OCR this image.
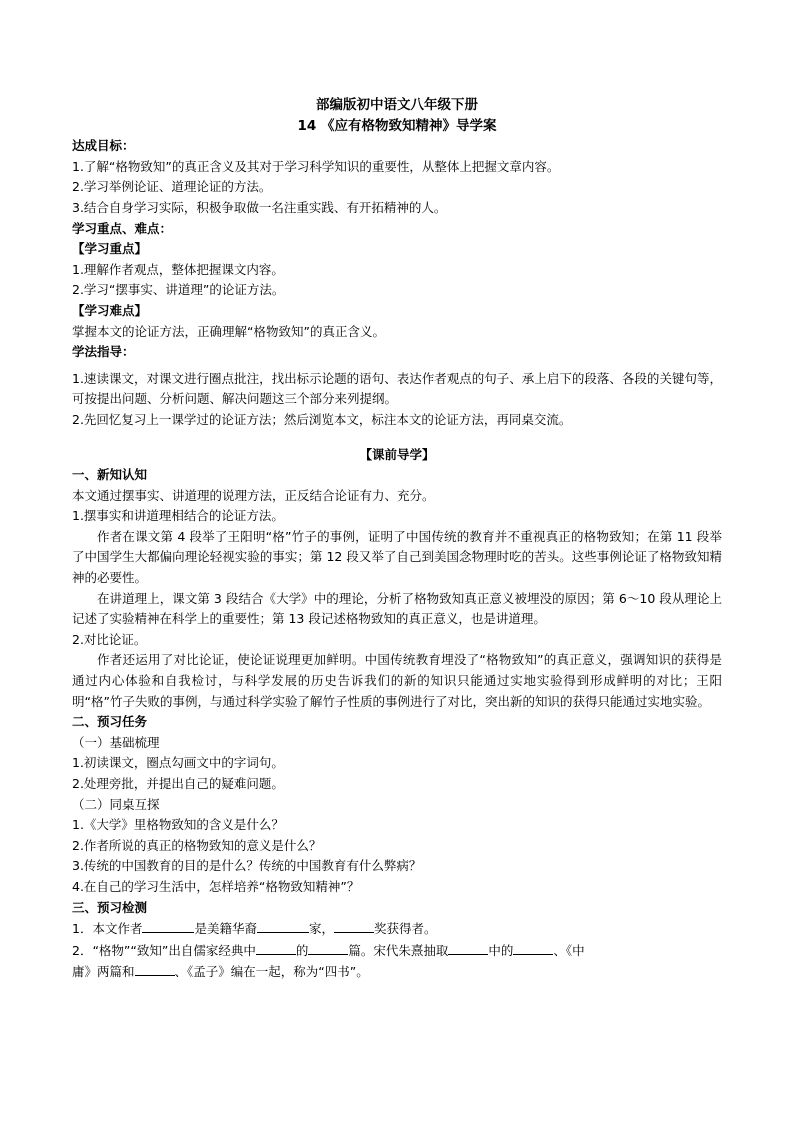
部编版初中语文八年级下册
14 《应有格物致知精神》导学案
达成目标：
1.了解“格物致知”的真正含义及其对于学习科学知识的重要性，从整体上把握文章内容。
2.学习举例论证、道理论证的方法。
3.结合自身学习实际，积极争取做一名注重实践、有开拓精神的人。
学习重点、难点：
【学习重点】
1.理解作者观点，整体把握课文内容。
2.学习“摆事实、讲道理”的论证方法。
【学习难点】
掌握本文的论证方法，正确理解“格物致知”的真正含义。
学法指导：
1.速读课文，对课文进行圈点批注，找出标示论题的语句、表达作者观点的句子、承上启下的段落、各段的关键句等，可按提出问题、分析问题、解决问题这三个部分来列提纲。
2.先回忆复习上一课学过的论证方法；然后浏览本文，标注本文的论证方法，再同桌交流。
【课前导学】
一、新知认知
本文通过摆事实、讲道理的说理方法，正反结合论证有力、充分。
1.摆事实和讲道理相结合的论证方法。
作者在课文第 4 段举了王阳明“格”竹子的事例，证明了中国传统的教育并不重视真正的格物致知；在第 11 段举了中国学生大都偏向理论轻视实验的事实；第 12 段又举了自己到美国念物理时吃的苦头。这些事例论证了格物致知精神的必要性。
在讲道理上，课文第 3 段结合《大学》中的理论，分析了格物致知真正意义被埋没的原因；第 6～10 段从理论上记述了实验精神在科学上的重要性；第 13 段记述格物致知的真正意义，也是讲道理。
2.对比论证。
作者还运用了对比论证，使论证说理更加鲜明。中国传统教育埋没了“格物致知”的真正意义，强调知识的获得是通过内心体验和自我检讨，与科学发展的历史告诉我们的新的知识只能通过实地实验得到形成鲜明的对比；王阳明“格”竹子失败的事例，与通过科学实验了解竹子性质的事例进行了对比，突出新的知识的获得只能通过实地实验。
二、预习任务
（一）基础梳理
1.初读课文，圈点勾画文中的字词句。
2.处理旁批，并提出自己的疑难问题。
（二）同桌互探
1.《大学》里格物致知的含义是什么？
2.作者所说的真正的格物致知的意义是什么？
3.传统的中国教育的目的是什么？传统的中国教育有什么弊病？
4.在自己的学习生活中，怎样培养“格物致知精神”？
三、预习检测
1．本文作者	是美籍华裔	家，	奖获得者。
2．“格物”“致知”出自儒家经典中	的	篇。宋代朱熹抽取	中的	、《中
庸》两篇和	、《孟子》编在一起，称为“四书”。
